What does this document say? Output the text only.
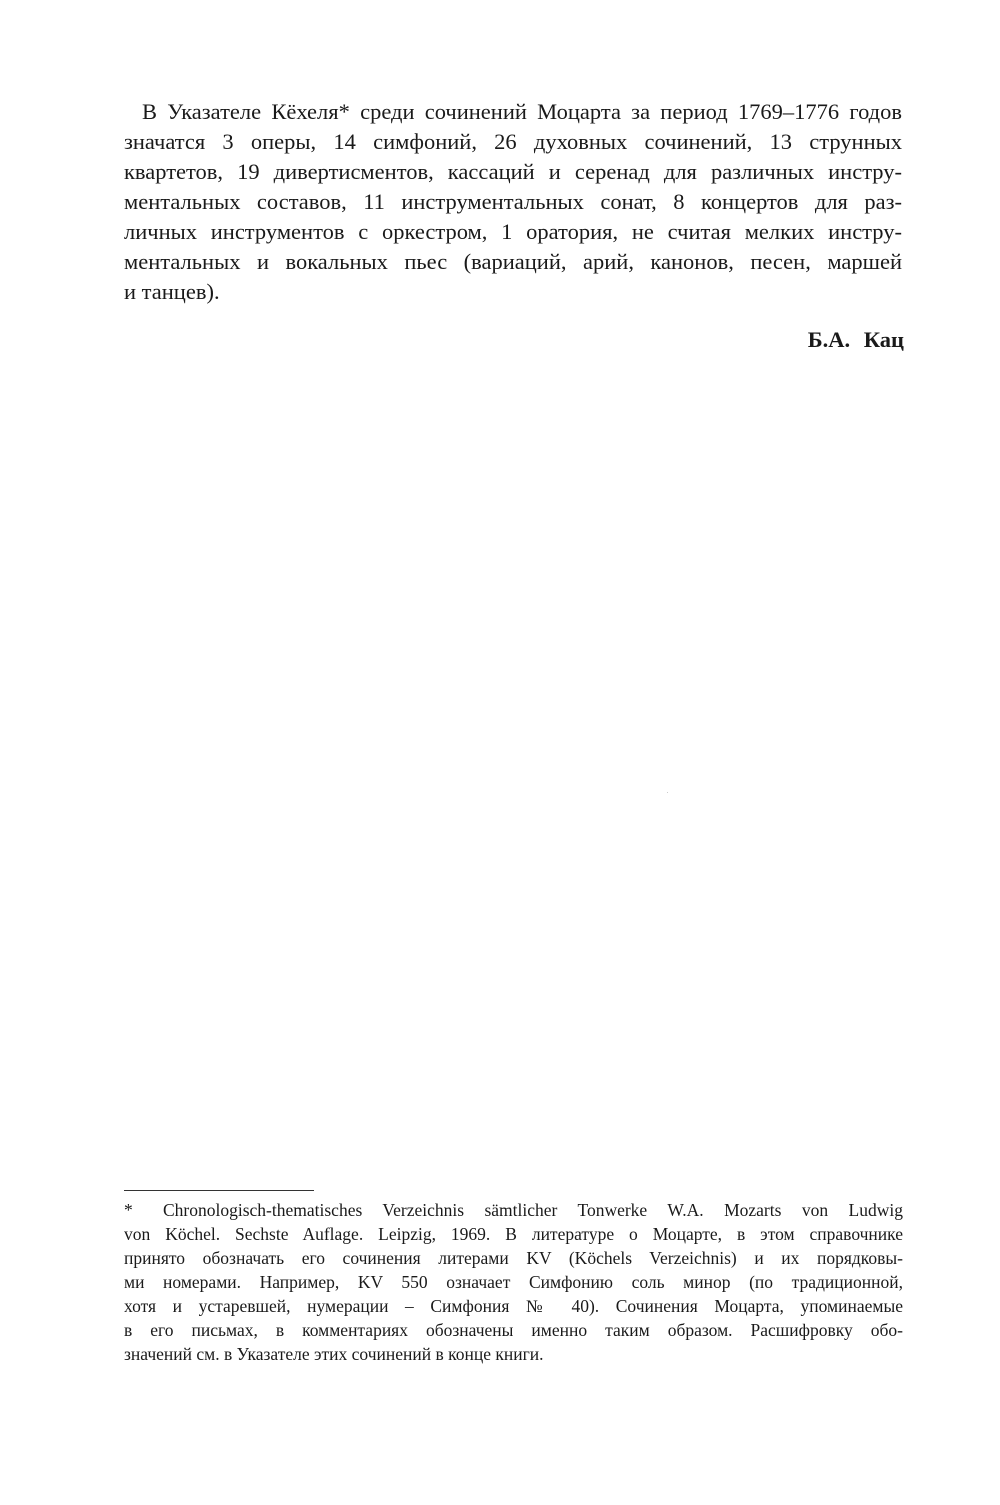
В Указателе Кёхеля* среди сочинений Моцарта за период 1769–1776 годов
значатся 3 оперы, 14 симфоний, 26 духовных сочинений, 13 струнных
квартетов, 19 дивертисментов, кассаций и серенад для различных инстру-
ментальных составов, 11 инструментальных сонат, 8 концертов для раз-
личных инструментов с оркестром, 1 оратория, не считая мелких инстру-
ментальных и вокальных пьес (вариаций, арий, канонов, песен, маршей
и танцев).
Б.А. Кац
* Chronologisch-thematisches Verzeichnis sämtlicher Tonwerke W.A. Mozarts von Ludwig
von Köchel. Sechste Auflage. Leipzig, 1969. В литературе о Моцарте, в этом справочнике
принято обозначать его сочинения литерами KV (Köchels Verzeichnis) и их порядковы-
ми номерами. Например, KV 550 означает Симфонию соль минор (по традиционной,
хотя и устаревшей, нумерации – Симфония № 40). Сочинения Моцарта, упоминаемые
в его письмах, в комментариях обозначены именно таким образом. Расшифровку обо-
значений см. в Указателе этих сочинений в конце книги.
